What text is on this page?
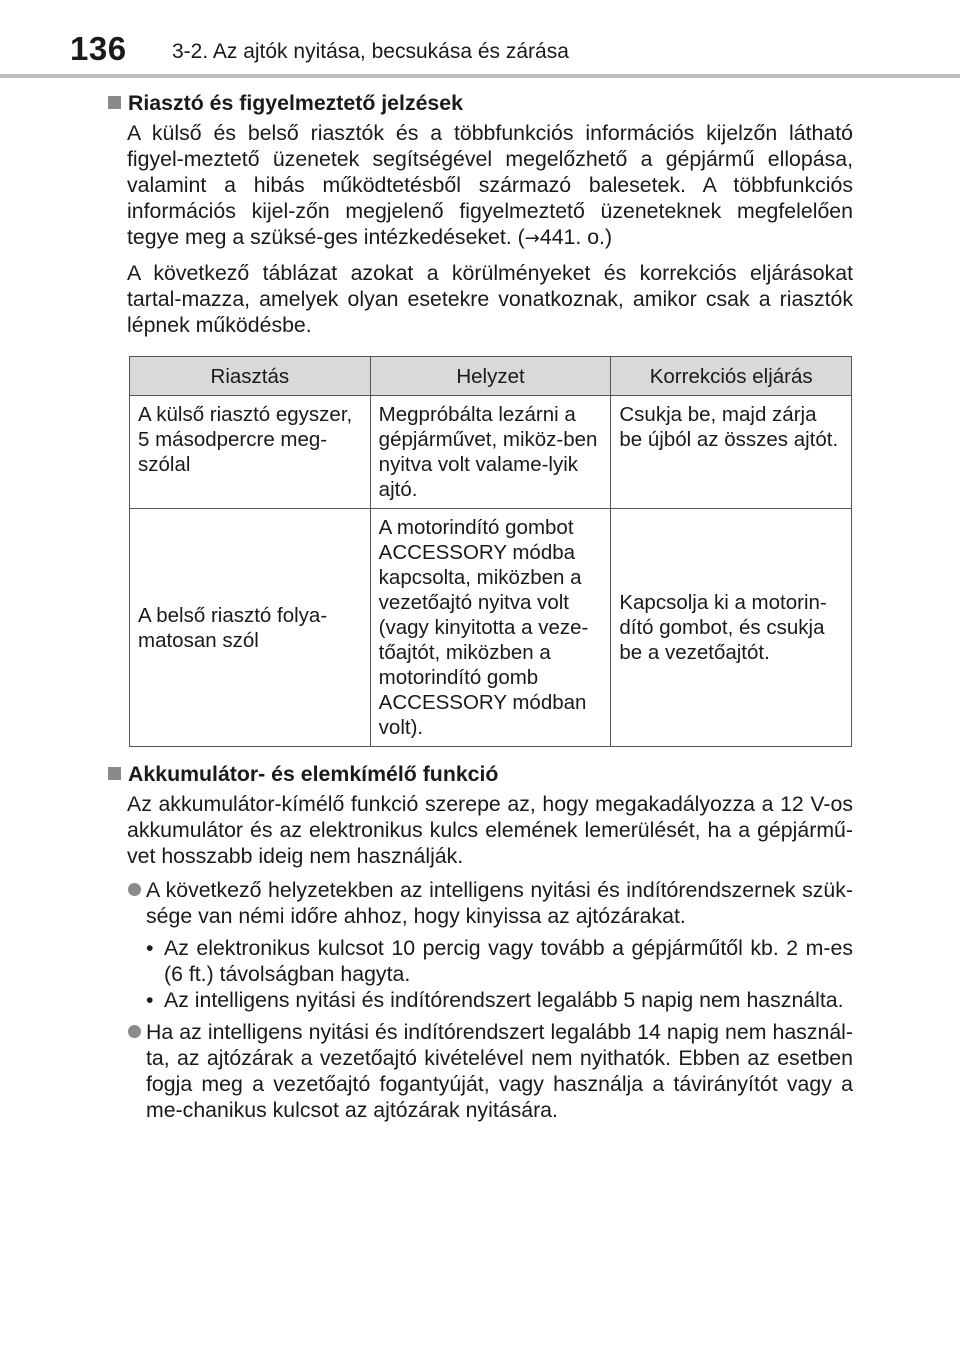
136 3-2. Az ajtók nyitása, becsukása és zárása
Riasztó és figyelmeztető jelzések
A külső és belső riasztók és a többfunkciós információs kijelzőn látható figyel-meztető üzenetek segítségével megelőzhető a gépjármű ellopása, valamint a hibás működtetésből származó balesetek. A többfunkciós információs kijel-zőn megjelenő figyelmeztető üzeneteknek megfelelően tegye meg a szüksé-ges intézkedéseket. (→441. o.)
A következő táblázat azokat a körülményeket és korrekciós eljárásokat tartal-mazza, amelyek olyan esetekre vonatkoznak, amikor csak a riasztók lépnek működésbe.
Riasztás	Helyzet	Korrekciós eljárás
A külső riasztó egyszer, 5 másodpercre meg-szólal	Megpróbálta lezárni a gépjárművet, miköz-ben nyitva volt valame-lyik ajtó.	Csukja be, majd zárja be újból az összes ajtót.
A belső riasztó folya-matosan szól	A motorindító gombot ACCESSORY módba kapcsolta, miközben a vezetőajtó nyitva volt (vagy kinyitotta a veze-tőajtót, miközben a motorindító gomb ACCESSORY módban volt).	Kapcsolja ki a motorin-dító gombot, és csukja be a vezetőajtót.
Akkumulátor- és elemkímélő funkció
Az akkumulátor-kímélő funkció szerepe az, hogy megakadályozza a 12 V-os akkumulátor és az elektronikus kulcs elemének lemerülését, ha a gépjármű-vet hosszabb ideig nem használják.
A következő helyzetekben az intelligens nyitási és indítórendszernek szük-sége van némi időre ahhoz, hogy kinyissa az ajtózárakat.
• Az elektronikus kulcsot 10 percig vagy tovább a gépjárműtől kb. 2 m-es (6 ft.) távolságban hagyta.
• Az intelligens nyitási és indítórendszert legalább 5 napig nem használta.
Ha az intelligens nyitási és indítórendszert legalább 14 napig nem használ-ta, az ajtózárak a vezetőajtó kivételével nem nyithatók. Ebben az esetben fogja meg a vezetőajtó fogantyúját, vagy használja a távirányítót vagy a me-chanikus kulcsot az ajtózárak nyitására.
